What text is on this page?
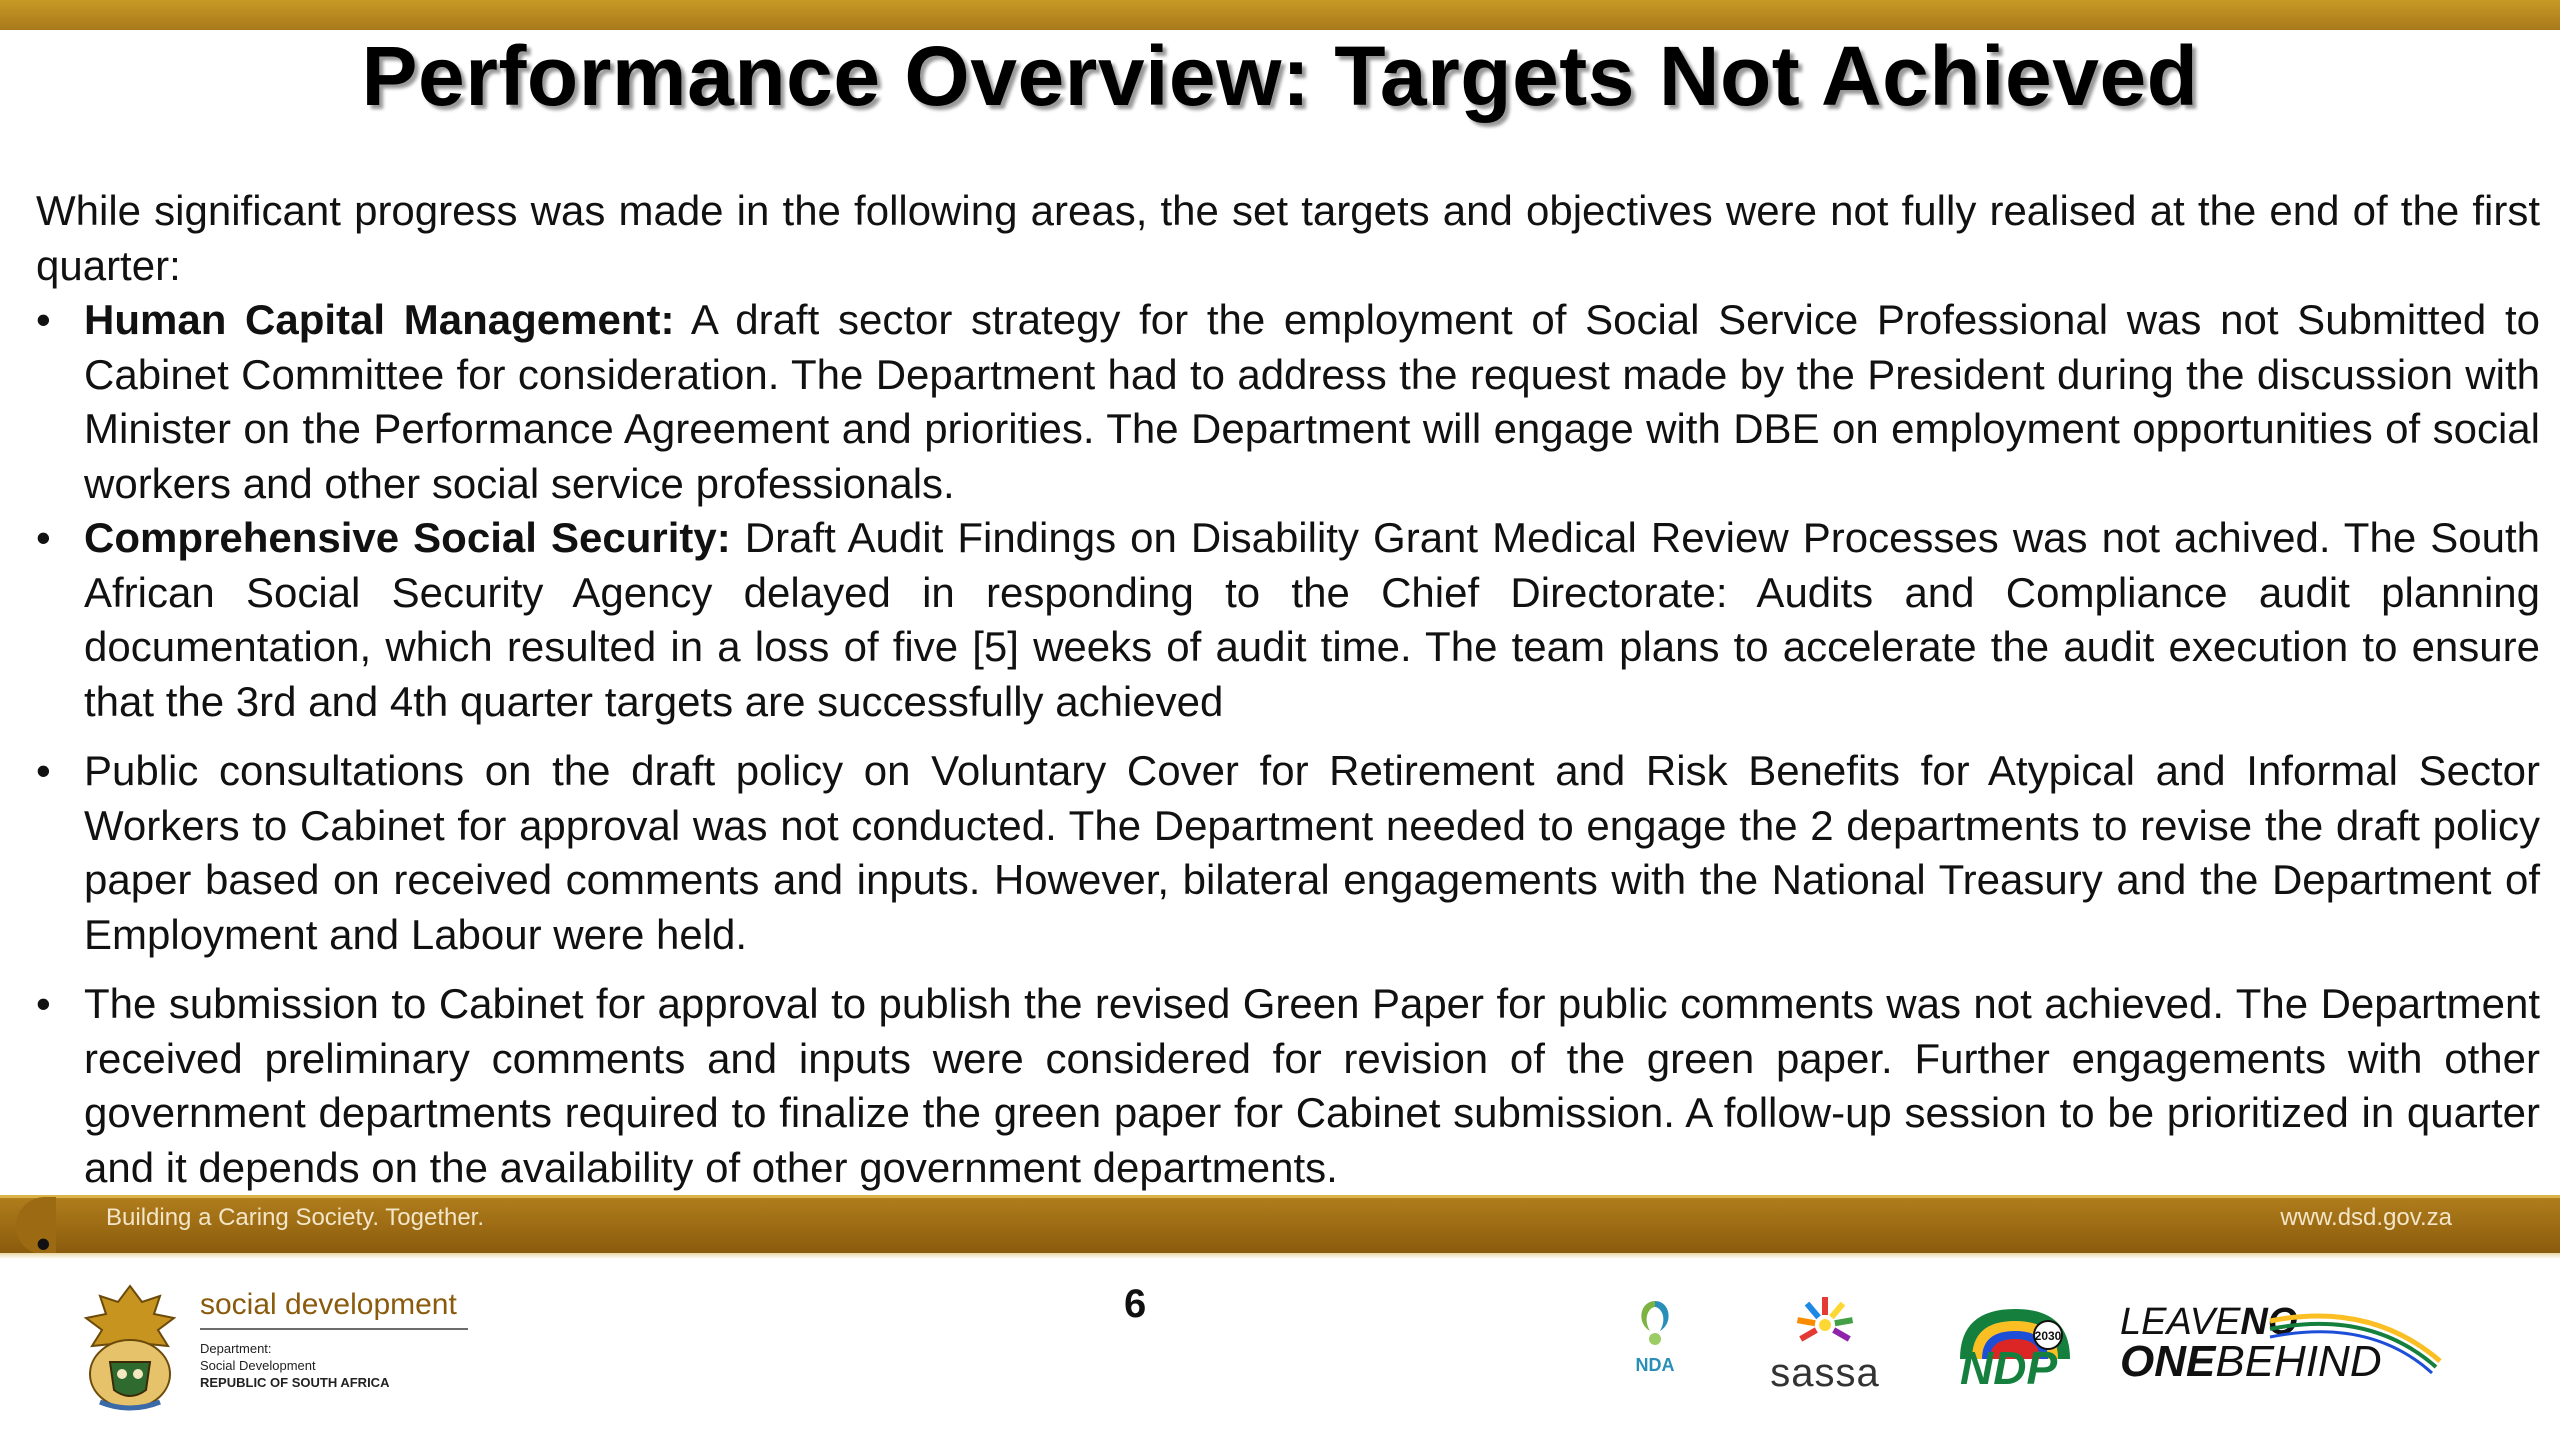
Performance Overview: Targets Not Achieved

While significant progress was made in the following areas, the set targets and objectives were not fully realised at the end of the first quarter:

• Human Capital Management: A draft sector strategy for the employment of Social Service Professional was not Submitted to Cabinet Committee for consideration. The Department had to address the request made by the President during the discussion with Minister on the Performance Agreement and priorities. The Department will engage with DBE on employment opportunities of social workers and other social service professionals.
• Comprehensive Social Security: Draft Audit Findings on Disability Grant Medical Review Processes was not achived. The South African Social Security Agency delayed in responding to the Chief Directorate: Audits and Compliance audit planning documentation, which resulted in a loss of five [5] weeks of audit time. The team plans to accelerate the audit execution to ensure that the 3rd and 4th quarter targets are successfully achieved
• Public consultations on the draft policy on Voluntary Cover for Retirement and Risk Benefits for Atypical and Informal Sector Workers to Cabinet for approval was not conducted. The Department needed to engage the 2 departments to revise the draft policy paper based on received comments and inputs. However, bilateral engagements with the National Treasury and the Department of Employment and Labour were held.
• The submission to Cabinet for approval to publish the revised Green Paper for public comments was not achieved. The Department received preliminary comments and inputs were considered for revision of the green paper. Further engagements with other government departments required to finalize the green paper for Cabinet submission. A follow-up session to be prioritized in quarter and it depends on the availability of other government departments.
Building a Caring Society. Together.	www.dsd.gov.za
•
6
social development
Department:
Social Development
REPUBLIC OF SOUTH AFRICA
NDA	sassa
2030
NDP
LEAVENO
ONEBEHIND
